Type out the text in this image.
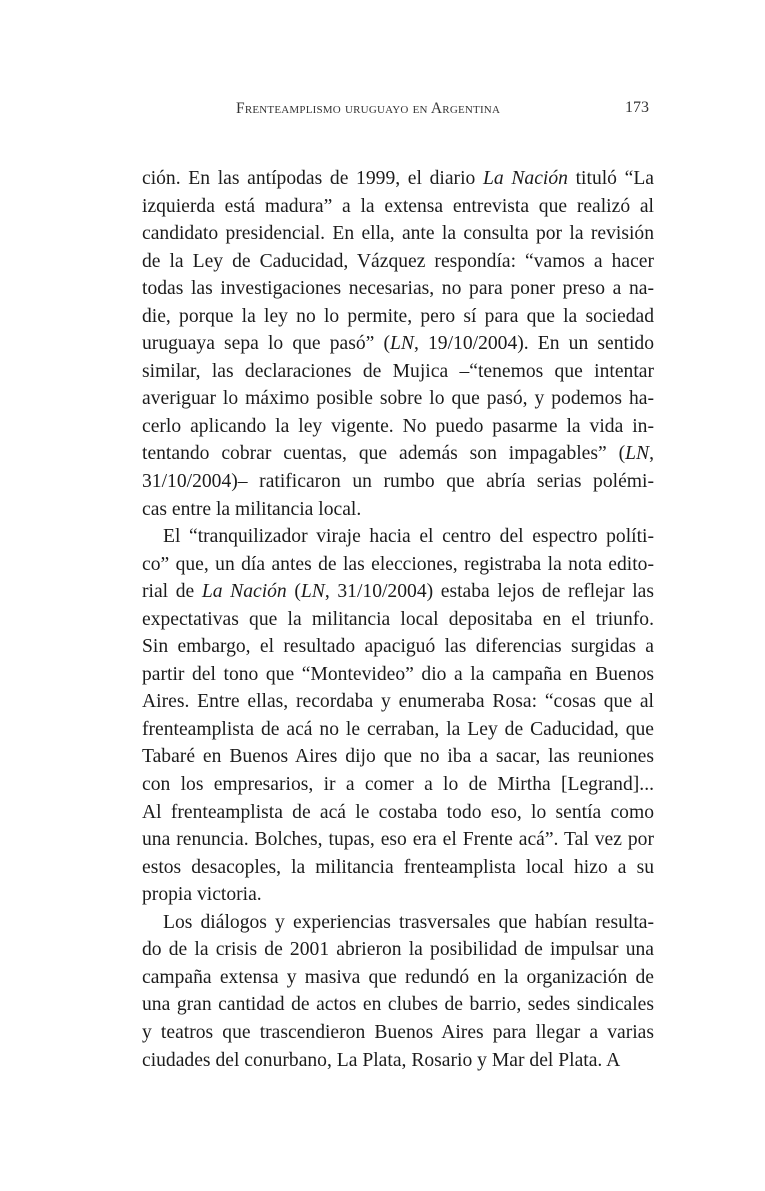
Frenteamplismo uruguayo en Argentina	173
ción. En las antípodas de 1999, el diario La Nación tituló “La
izquierda está madura” a la extensa entrevista que realizó al
candidato presidencial. En ella, ante la consulta por la revisión
de la Ley de Caducidad, Vázquez respondía: “vamos a hacer
todas las investigaciones necesarias, no para poner preso a na-
die, porque la ley no lo permite, pero sí para que la sociedad
uruguaya sepa lo que pasó” (LN, 19/10/2004). En un sentido
similar, las declaraciones de Mujica –“tenemos que intentar
averiguar lo máximo posible sobre lo que pasó, y podemos ha-
cerlo aplicando la ley vigente. No puedo pasarme la vida in-
tentando cobrar cuentas, que además son impagables” (LN,
31/10/2004)– ratificaron un rumbo que abría serias polémi-
cas entre la militancia local.
El “tranquilizador viraje hacia el centro del espectro políti-
co” que, un día antes de las elecciones, registraba la nota edito-
rial de La Nación (LN, 31/10/2004) estaba lejos de reflejar las
expectativas que la militancia local depositaba en el triunfo.
Sin embargo, el resultado apaciguó las diferencias surgidas a
partir del tono que “Montevideo” dio a la campaña en Buenos
Aires. Entre ellas, recordaba y enumeraba Rosa: “cosas que al
frenteamplista de acá no le cerraban, la Ley de Caducidad, que
Tabaré en Buenos Aires dijo que no iba a sacar, las reuniones
con los empresarios, ir a comer a lo de Mirtha [Legrand]...
Al frenteamplista de acá le costaba todo eso, lo sentía como
una renuncia. Bolches, tupas, eso era el Frente acá”. Tal vez por
estos desacoples, la militancia frenteamplista local hizo a su
propia victoria.
Los diálogos y experiencias trasversales que habían resulta-
do de la crisis de 2001 abrieron la posibilidad de impulsar una
campaña extensa y masiva que redundó en la organización de
una gran cantidad de actos en clubes de barrio, sedes sindicales
y teatros que trascendieron Buenos Aires para llegar a varias
ciudades del conurbano, La Plata, Rosario y Mar del Plata. A
